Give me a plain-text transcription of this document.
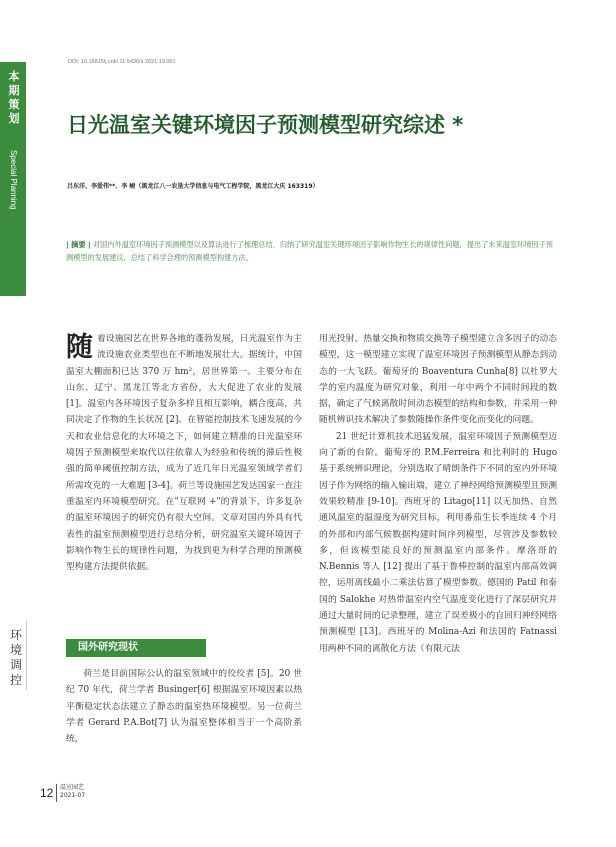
DOI: 10.16815/j.cnki.11-5436/s.2021.19.001
本期策划
Special Planning
日光温室关键环境因子预测模型研究综述 *
吕东洋、李爱伟**、李 峻（黑龙江八一农垦大学信息与电气工程学院，黑龙江大庆 163319）
| 摘要 | 对国内外温室环境因子预测模型以及算法进行了梳理总结，归纳了研究温室关键环境因子影响作物生长的规律性问题，提出了未来温室环境因子预测模型的发展建议，总结了科学合理的预测模型构建方法。
环境调控
随 着设施园艺在世界各地的蓬勃发展，日光温室作为主流设施农业类型也在不断地发展壮大。据统计，中国温室大棚面积已达 370 万 hm²，居世界第一。主要分布在山东、辽宁、黑龙江等北方省份，大大促进了农业的发展 [1]。温室内各环境因子复杂多样且相互影响，耦合度高，共同决定了作物的生长状况 [2]。在智能控制技术飞速发展的今天和农业信息化的大环境之下，如何建立精准的日光温室环境因子预测模型来取代以往依靠人为经验和传统的滞后性极强的简单阈值控制方法，成为了近几年日光温室领域学者们所需攻克的一大难题 [3-4]。荷兰等设施园艺发达国家一直注重温室内环境模型研究。在"互联网 +"的背景下，许多复杂的温室环境因子的研究仍有很大空间。文章对国内外具有代表性的温室预测模型进行总结分析，研究温室关键环境因子影响作物生长的规律性问题，为找到更为科学合理的预测模型构建方法提供依据。
国外研究现状
荷兰是目前国际公认的温室领域中的佼佼者 [5]。20 世纪 70 年代，荷兰学者 Businger[6] 根据温室环境因素以热平衡稳定状态法建立了静态的温室热环境模型。另一位荷兰学者 Gerard P.A.Bot[7] 认为温室整体相当于一个高阶系统，
用光投射、热量交换和物质交换等子模型建立含多因子的动态模型，这一模型建立实现了温室环境因子预测模型从静态到动态的一大飞跃。葡萄牙的 Boaventura Cunha[8] 以杜罗大学的室内温度为研究对象，利用一年中两个不同时间段的数据，确定了气候离散时间动态模型的结构和参数，并采用一种随机辨识技术解决了参数随操作条件变化而变化的问题。
21 世纪计算机技术迅猛发展，温室环境因子预测模型迈向了新的台阶。葡萄牙的 P.M.Ferreira 和比利时的 Hugo 基于系统辨识理论，分别选取了晴朗条件下不同的室内外环境因子作为网络的输入输出端，建立了神经网络预测模型且预测效果较精准 [9-10]。西班牙的 Litago[11] 以无加热、自然通风温室的温湿度为研究目标，利用番茄生长季连续 4 个月的外部和内部气候数据构建时间序列模型，尽管涉及参数较多，但该模型能良好的预测温室内部条件。摩洛哥的 N.Bennis 等人 [12] 提出了基于鲁棒控制的温室内部高效调控，运用离线最小二乘法估算了模型参数。德国的 Patil 和泰国的 Salokhe 对热带温室内空气温度变化进行了深层研究并通过大量时间的记录整理，建立了误差极小的自回归神经网络预测模型 [13]。西班牙的 Molina-Azi 和法国的 Fatnassi 用两种不同的离散化方法（有限元法
12 温室园艺
2021-07
